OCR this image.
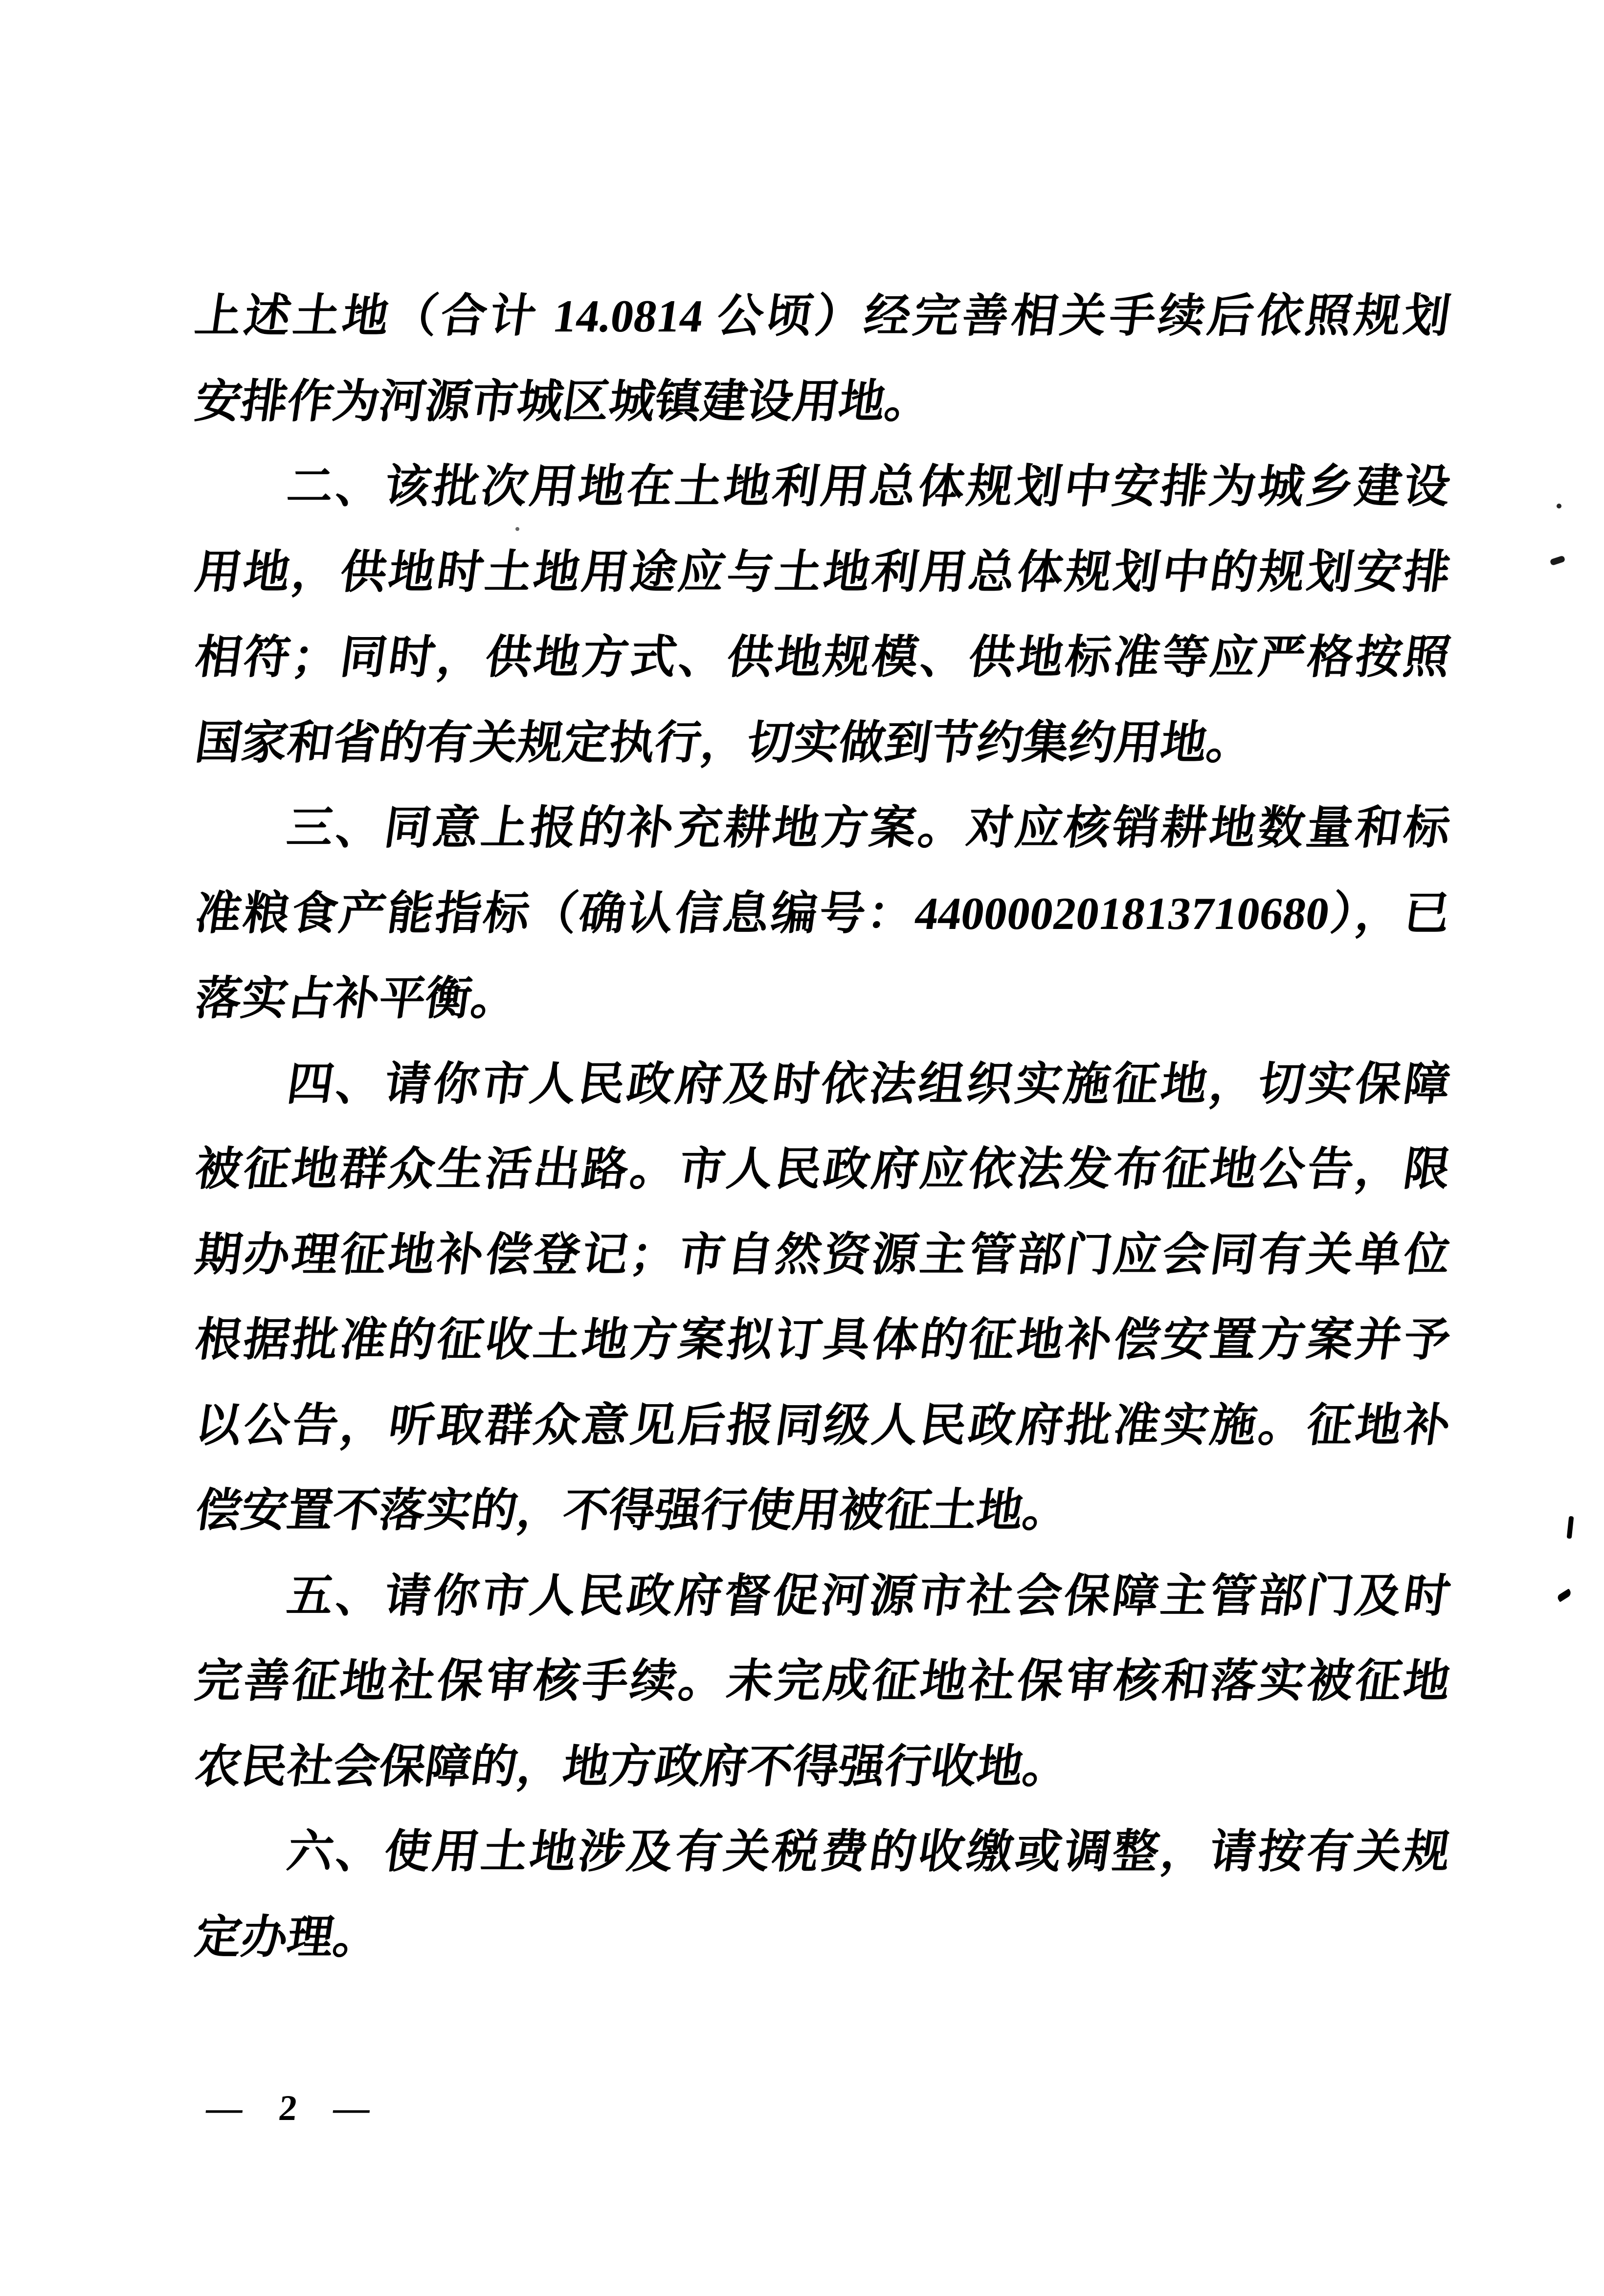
上述土地（合计 14.0814 公顷）经完善相关手续后依照规划
安排作为河源市城区城镇建设用地。
二、该批次用地在土地利用总体规划中安排为城乡建设
用地，供地时土地用途应与土地利用总体规划中的规划安排
相符；同时，供地方式、供地规模、供地标准等应严格按照
国家和省的有关规定执行，切实做到节约集约用地。
三、同意上报的补充耕地方案。对应核销耕地数量和标
准粮食产能指标（确认信息编号：440000201813710680），已
落实占补平衡。
四、请你市人民政府及时依法组织实施征地，切实保障
被征地群众生活出路。市人民政府应依法发布征地公告，限
期办理征地补偿登记；市自然资源主管部门应会同有关单位
根据批准的征收土地方案拟订具体的征地补偿安置方案并予
以公告，听取群众意见后报同级人民政府批准实施。征地补
偿安置不落实的，不得强行使用被征土地。
五、请你市人民政府督促河源市社会保障主管部门及时
完善征地社保审核手续。未完成征地社保审核和落实被征地
农民社会保障的，地方政府不得强行收地。
六、使用土地涉及有关税费的收缴或调整，请按有关规
定办理。
— 2 —
